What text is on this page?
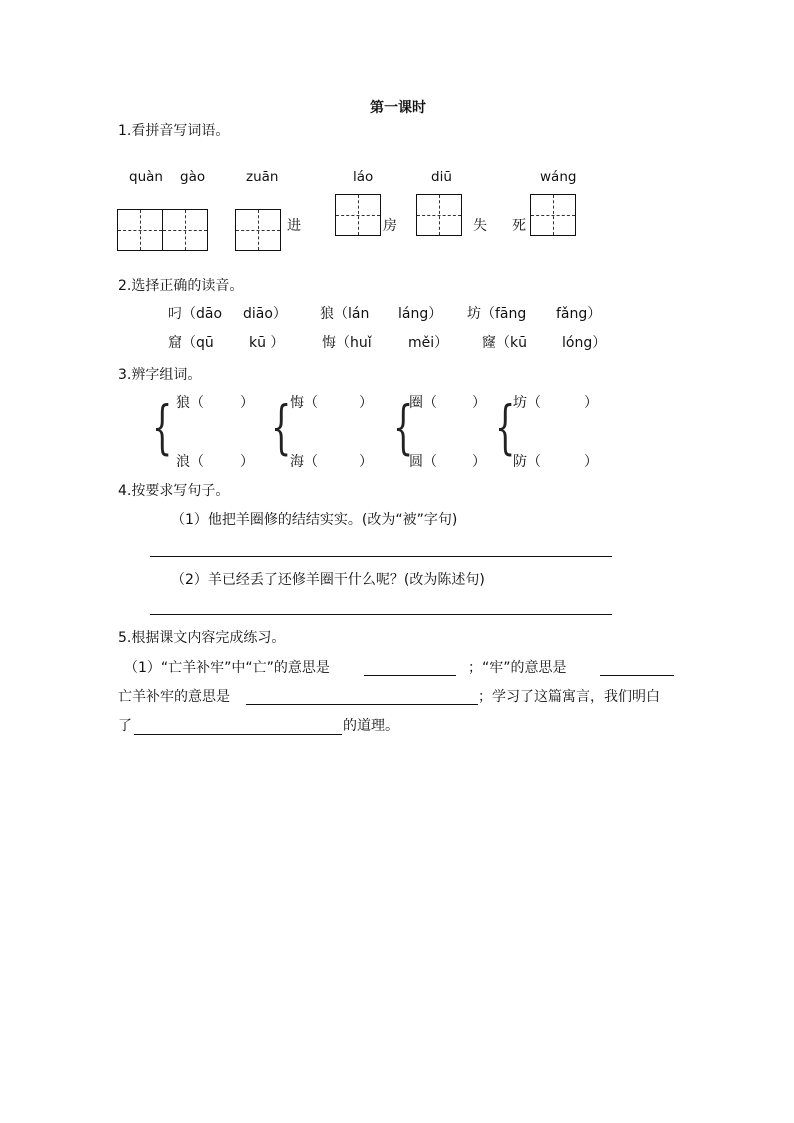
第一课时
1.看拼音写词语。
quàn gào	zuān	láo	diū	wáng
进	房	失 死
2.选择正确的读音。
叼（dāo diāo） 狼（lán láng） 坊（fāng fǎng）
窟（qū	kū ）	悔（huǐ	měi） 窿（kū	lóng）
3.辨字组词。
{ { { {
狼（	）	悔（	）	圈（	） 坊（	）
浪（	）	海（	）	圆（	） 防（	）
4.按要求写句子。
（1）他把羊圈修的结结实实。(改为“被”字句)
（2）羊已经丢了还修羊圈干什么呢？(改为陈述句)
5.根据课文内容完成练习。
（1）“亡羊补牢”中“亡”的意思是	；“牢”的意思是
亡羊补牢的意思是	；学习了这篇寓言，我们明白
了	的道理。
